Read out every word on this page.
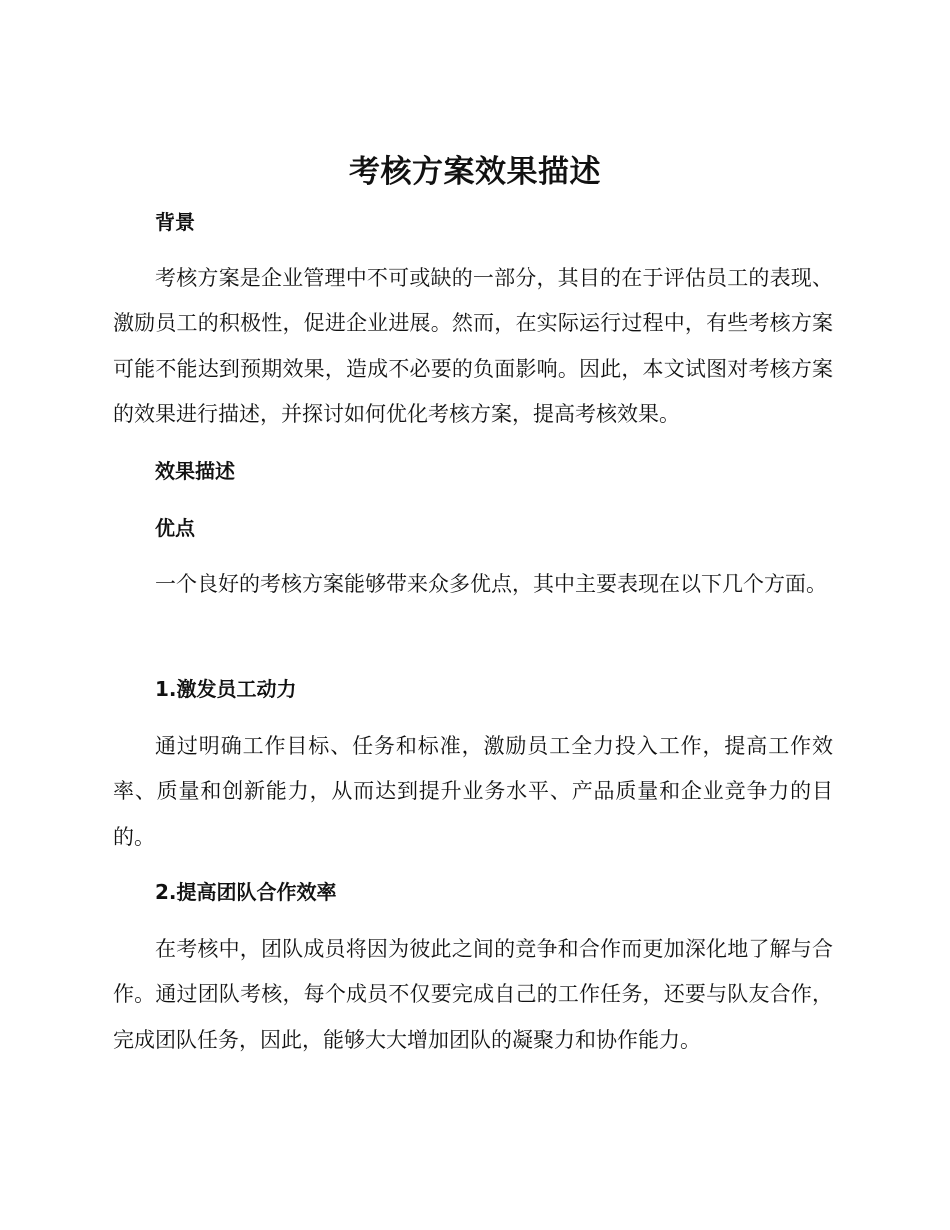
考核方案效果描述
背景
考核方案是企业管理中不可或缺的一部分，其目的在于评估员工的表现、激励员工的积极性，促进企业进展。然而，在实际运行过程中，有些考核方案可能不能达到预期效果，造成不必要的负面影响。因此，本文试图对考核方案的效果进行描述，并探讨如何优化考核方案，提高考核效果。
效果描述
优点
一个良好的考核方案能够带来众多优点，其中主要表现在以下几个方面。
1.激发员工动力
通过明确工作目标、任务和标准，激励员工全力投入工作，提高工作效率、质量和创新能力，从而达到提升业务水平、产品质量和企业竞争力的目的。
2.提高团队合作效率
在考核中，团队成员将因为彼此之间的竞争和合作而更加深化地了解与合作。通过团队考核，每个成员不仅要完成自己的工作任务，还要与队友合作，完成团队任务，因此，能够大大增加团队的凝聚力和协作能力。
